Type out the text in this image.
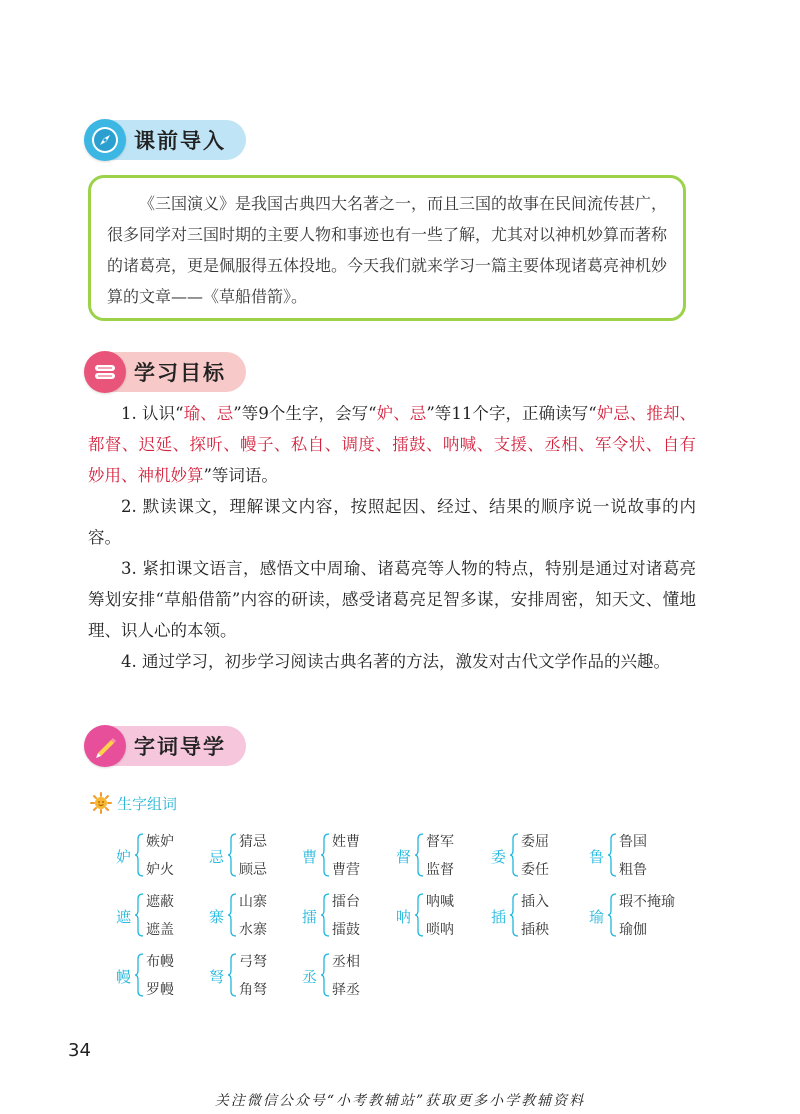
课前导入

《三国演义》是我国古典四大名著之一，而且三国的故事在民间流传甚广，很多同学对三国时期的主要人物和事迹也有一些了解，尤其对以神机妙算而著称的诸葛亮，更是佩服得五体投地。今天我们就来学习一篇主要体现诸葛亮神机妙算的文章——《草船借箭》。

学习目标

1. 认识“瑜、忌”等9个生字，会写“妒、忌”等11个字，正确读写“妒忌、推却、都督、迟延、探听、幔子、私自、调度、擂鼓、呐喊、支援、丞相、军令状、自有妙用、神机妙算”等词语。

2. 默读课文，理解课文内容，按照起因、经过、结果的顺序说一说故事的内容。

3. 紧扣课文语言，感悟文中周瑜、诸葛亮等人物的特点，特别是通过对诸葛亮筹划安排“草船借箭”内容的研读，感受诸葛亮足智多谋，安排周密，知天文、懂地理、识人心的本领。

4. 通过学习，初步学习阅读古典名著的方法，激发对古代文学作品的兴趣。

字词导学
生字组词
妒
嫉妒
妒火
忌
猜忌
顾忌
曹
姓曹
曹营
督
督军
监督
委
委屈
委任
鲁
鲁国
粗鲁
遮
遮蔽
遮盖
寨
山寨
水寨
擂
擂台
擂鼓
呐
呐喊
唢呐
插
插入
插秧
瑜
瑕不掩瑜
瑜伽
幔
布幔
罗幔
弩
弓弩
角弩
丞
丞相
驿丞
34
关注微信公众号“小考教辅站”获取更多小学教辅资料
